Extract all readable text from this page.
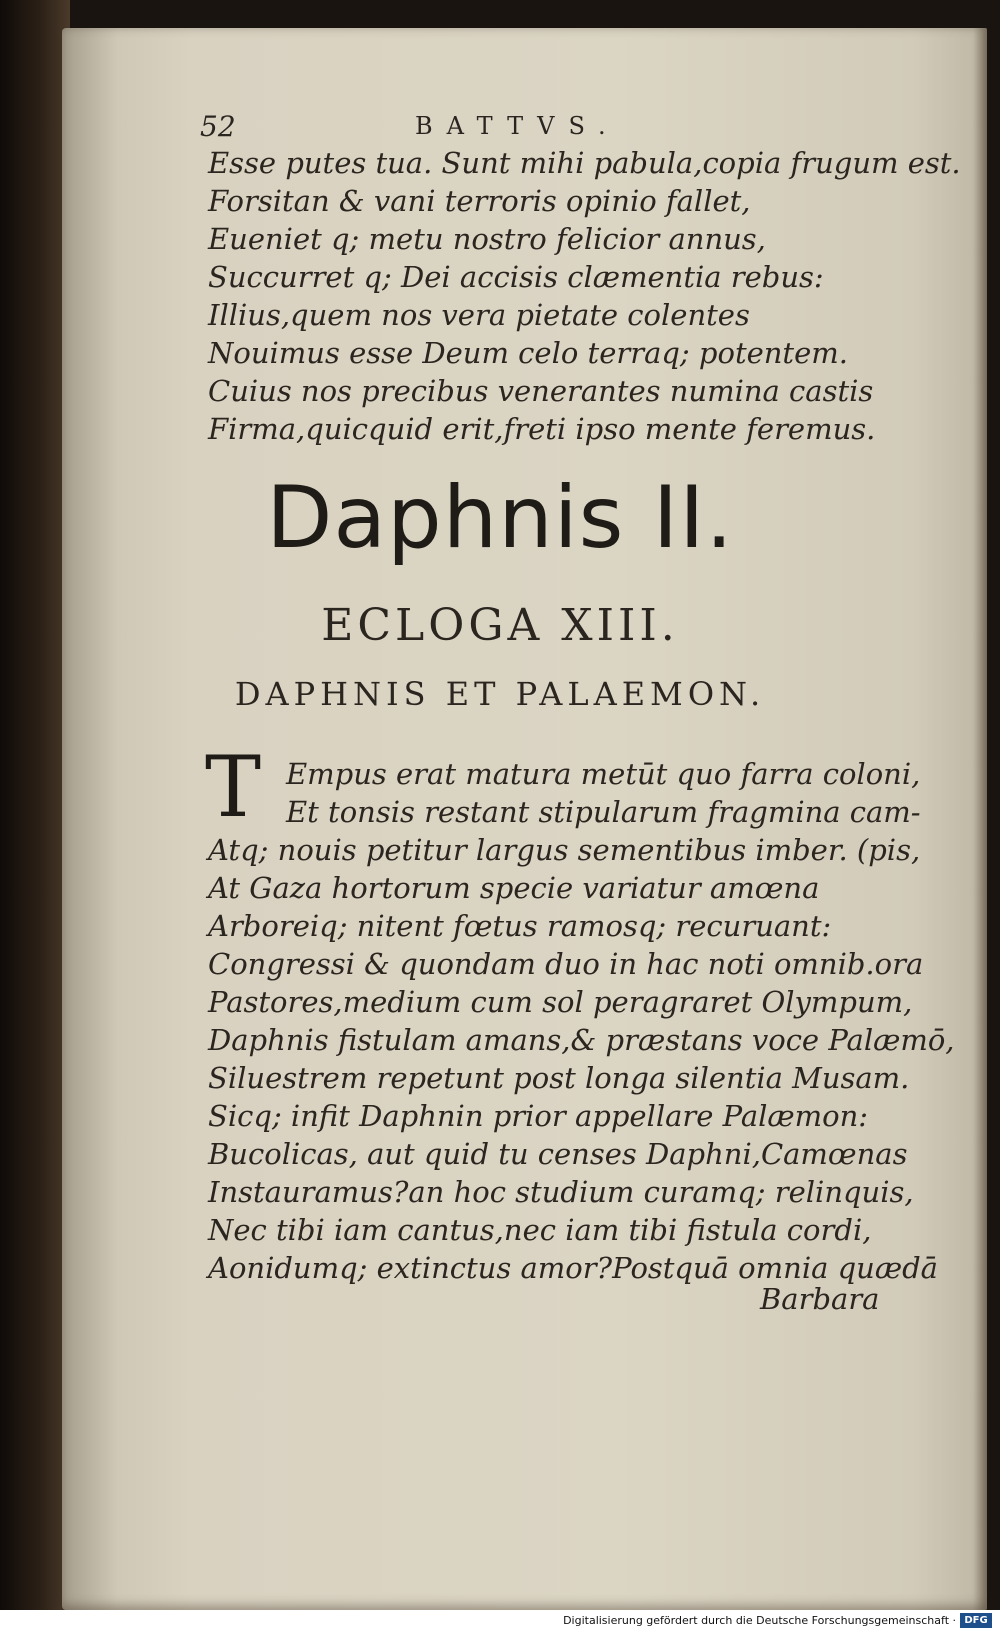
52	BATTVS.
Esse putes tua. Sunt mihi pabula,copia frugum est.
Forsitan & vani terroris opinio fallet,
Eueniet q; metu nostro felicior annus,
Succurret q; Dei accisis clæmentia rebus:
Illius,quem nos vera pietate colentes
Nouimus esse Deum celo terraq; potentem.
Cuius nos precibus venerantes numina castis
Firma,quicquid erit,freti ipso mente feremus.
Daphnis II.
ECLOGA XIII.
DAPHNIS ET PALAEMON.
T Empus erat matura metūt quo farra coloni,
Et tonsis restant stipularum fragmina cam-
Atq; nouis petitur largus sementibus imber. (pis,
At Gaza hortorum specie variatur amœna
Arboreiq; nitent fœtus ramosq; recuruant:
Congressi & quondam duo in hac noti omnib.ora
Pastores,medium cum sol peragraret Olympum,
Daphnis fistulam amans,& præstans voce Palæmō,
Siluestrem repetunt post longa silentia Musam.
Sicq; infit Daphnin prior appellare Palæmon:
Bucolicas, aut quid tu censes Daphni,Camœnas
Instauramus?an hoc studium curamq; relinquis,
Nec tibi iam cantus,nec iam tibi fistula cordi,
Aonidumq; extinctus amor?Postquā omnia quædā
Barbara
Digitalisierung gefördert durch die Deutsche Forschungsgemeinschaft · DFG
